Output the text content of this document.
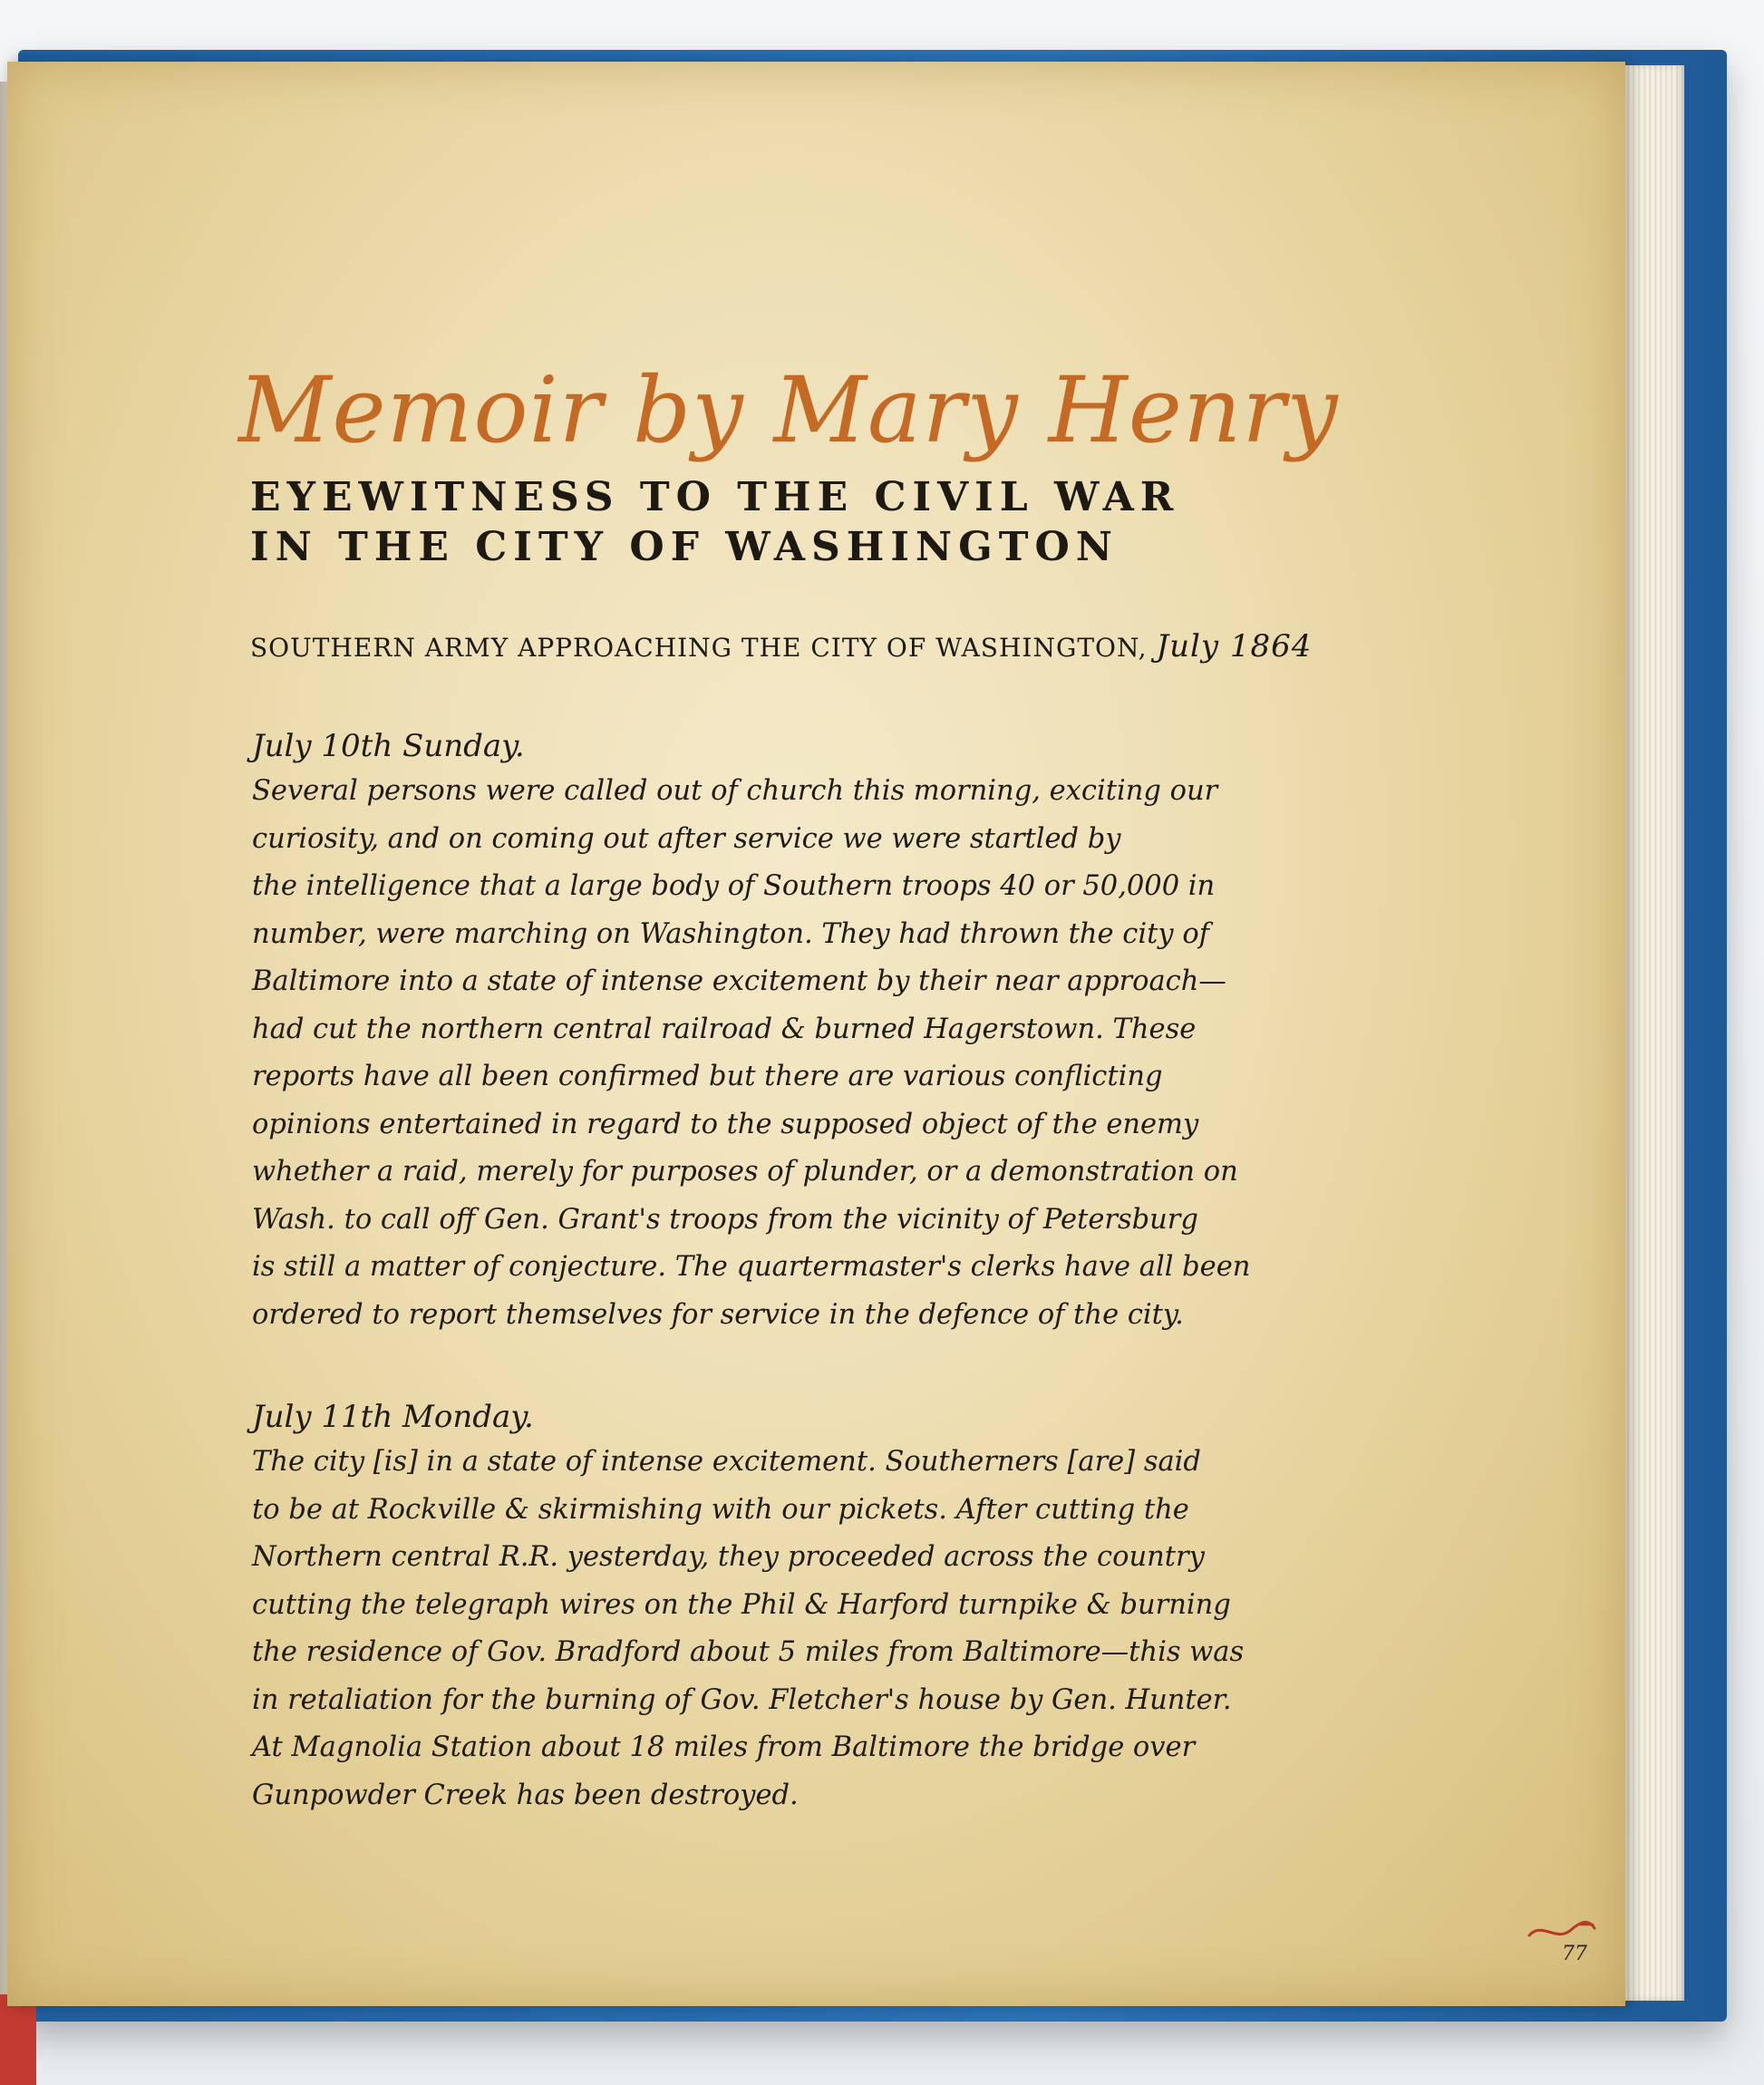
Memoir by Mary Henry
EYEWITNESS TO THE CIVIL WAR
IN THE CITY OF WASHINGTON
SOUTHERN ARMY APPROACHING THE CITY OF WASHINGTON, July 1864
July 10th Sunday.
Several persons were called out of church this morning, exciting our
curiosity, and on coming out after service we were startled by
the intelligence that a large body of Southern troops 40 or 50,000 in
number, were marching on Washington. They had thrown the city of
Baltimore into a state of intense excitement by their near approach—
had cut the northern central railroad & burned Hagerstown. These
reports have all been confirmed but there are various conflicting
opinions entertained in regard to the supposed object of the enemy
whether a raid, merely for purposes of plunder, or a demonstration on
Wash. to call off Gen. Grant's troops from the vicinity of Petersburg
is still a matter of conjecture. The quartermaster's clerks have all been
ordered to report themselves for service in the defence of the city.
July 11th Monday.
The city [is] in a state of intense excitement. Southerners [are] said
to be at Rockville & skirmishing with our pickets. After cutting the
Northern central R.R. yesterday, they proceeded across the country
cutting the telegraph wires on the Phil & Harford turnpike & burning
the residence of Gov. Bradford about 5 miles from Baltimore—this was
in retaliation for the burning of Gov. Fletcher's house by Gen. Hunter.
At Magnolia Station about 18 miles from Baltimore the bridge over
Gunpowder Creek has been destroyed.
77
